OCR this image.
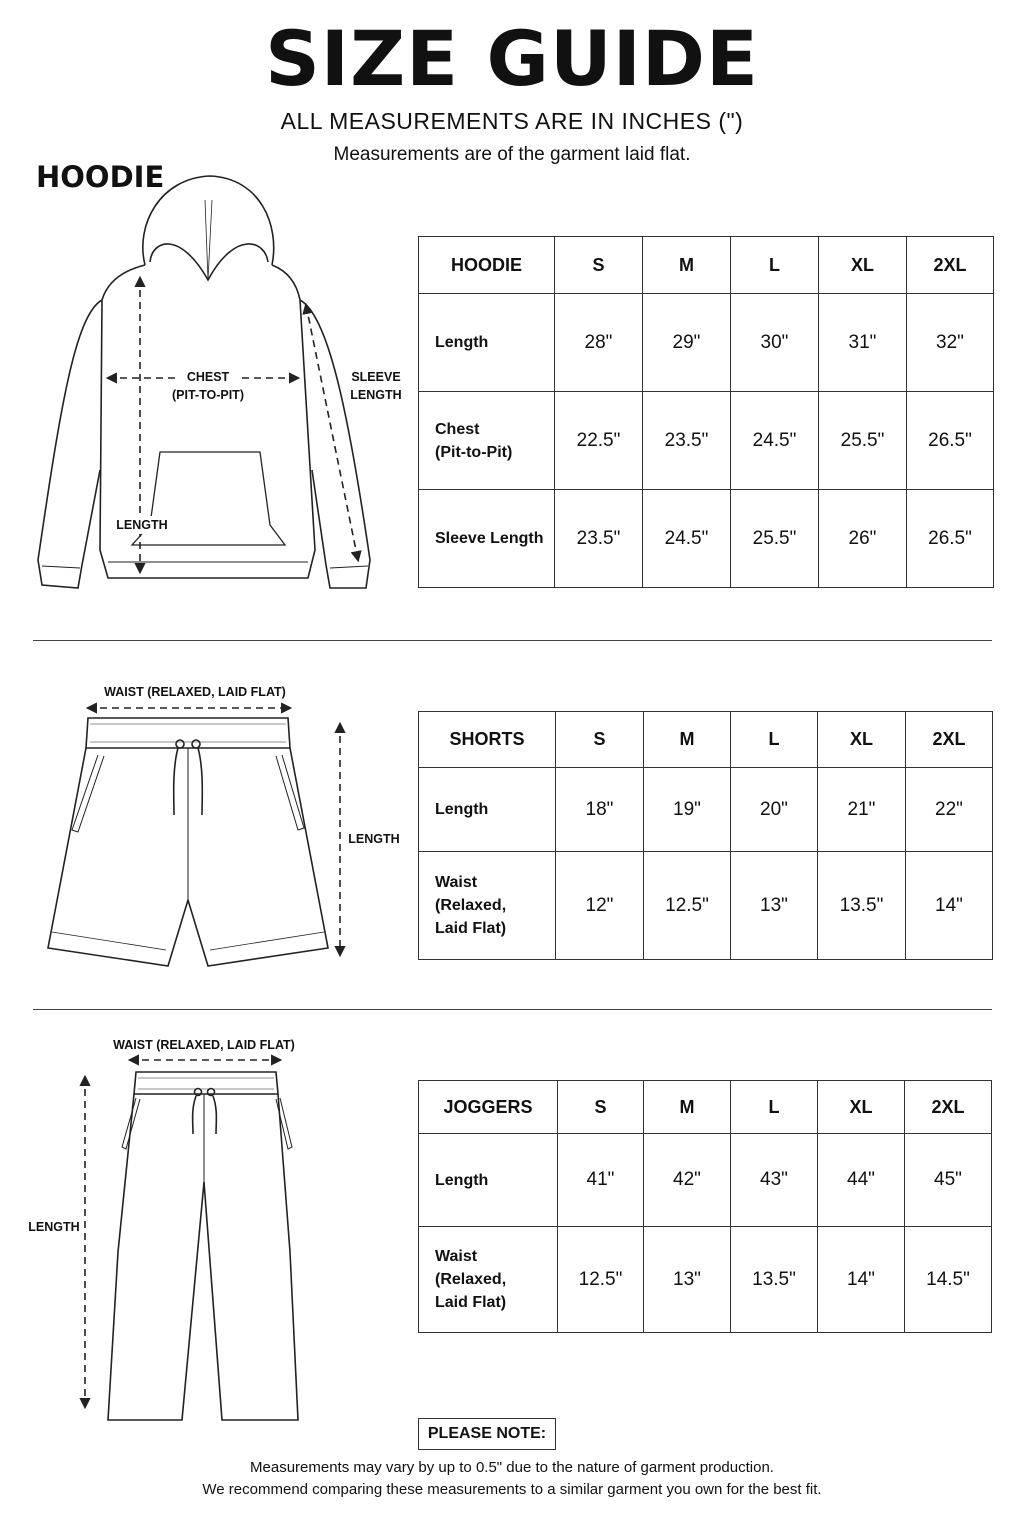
SIZE GUIDE
ALL MEASUREMENTS ARE IN INCHES (")
Measurements are of the garment laid flat.
HOODIE
CHEST
(PIT-TO-PIT)
SLEEVE
LENGTH
LENGTH
HOODIE	S	M	L	XL	2XL

Length	28"	29"	30"	31"	32"

Chest
(Pit-to-Pit)	22.5"	23.5"	24.5"	25.5"	26.5"

Sleeve Length	23.5"	24.5"	25.5"	26"	26.5"
WAIST (RELAXED, LAID FLAT)
LENGTH
SHORTS	S	M	L	XL	2XL

Length	18"	19"	20"	21"	22"

Waist
(Relaxed,
Laid Flat)	12"	12.5"	13"	13.5"	14"
WAIST (RELAXED, LAID FLAT)
LENGTH
JOGGERS	S	M	L	XL	2XL

Length	41"	42"	43"	44"	45"

Waist
(Relaxed,
Laid Flat)	12.5"	13"	13.5"	14"	14.5"
PLEASE NOTE:
Measurements may vary by up to 0.5" due to the nature of garment production.
We recommend comparing these measurements to a similar garment you own for the best fit.
